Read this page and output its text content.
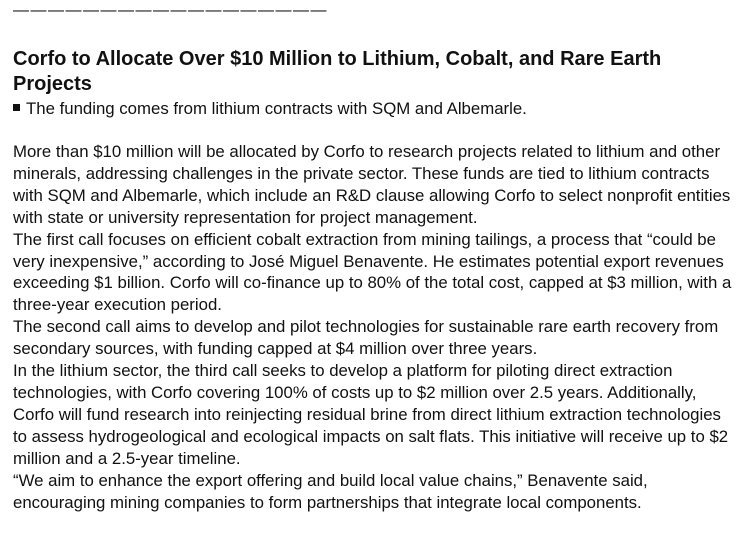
——————————————————
Corfo to Allocate Over $10 Million to Lithium, Cobalt, and Rare Earth Projects
The funding comes from lithium contracts with SQM and Albemarle.

More than $10 million will be allocated by Corfo to research projects related to lithium and other minerals, addressing challenges in the private sector. These funds are tied to lithium contracts with SQM and Albemarle, which include an R&D clause allowing Corfo to select nonprofit entities with state or university representation for project management.

The first call focuses on efficient cobalt extraction from mining tailings, a process that “could be very inexpensive,” according to José Miguel Benavente. He estimates potential export revenues exceeding $1 billion. Corfo will co-finance up to 80% of the total cost, capped at $3 million, with a three-year execution period.

The second call aims to develop and pilot technologies for sustainable rare earth recovery from secondary sources, with funding capped at $4 million over three years.

In the lithium sector, the third call seeks to develop a platform for piloting direct extraction technologies, with Corfo covering 100% of costs up to $2 million over 2.5 years. Additionally, Corfo will fund research into reinjecting residual brine from direct lithium extraction technologies to assess hydrogeological and ecological impacts on salt flats. This initiative will receive up to $2 million and a 2.5-year timeline.

“We aim to enhance the export offering and build local value chains,” Benavente said, encouraging mining companies to form partnerships that integrate local components.
